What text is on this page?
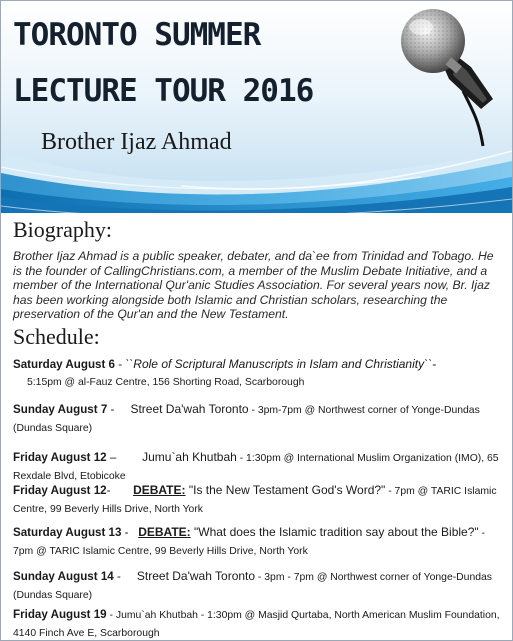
TORONTO SUMMER
LECTURE TOUR 2016
Brother Ijaz Ahmad
Biography:
Brother Ijaz Ahmad is a public speaker, debater, and da`ee from Trinidad and Tobago. He is the founder of CallingChristians.com, a member of the Muslim Debate Initiative, and a member of the International Qur'anic Studies Association. For several years now, Br. Ijaz has been working alongside both Islamic and Christian scholars, researching the preservation of the Qur'an and the New Testament.
Schedule:
Saturday August 6 - ``Role of Scriptural Manuscripts in Islam and Christianity``-
5:15pm @ al-Fauz Centre, 156 Shorting Road, Scarborough
Sunday August 7 -     Street Da'wah Toronto - 3pm-7pm @ Northwest corner of Yonge-Dundas (Dundas Square)
Friday August 12 –        Jumu`ah Khutbah - 1:30pm @ International Muslim Organization (IMO), 65 Rexdale Blvd, Etobicoke
Friday August 12-       DEBATE: "Is the New Testament God's Word?" - 7pm @ TARIC Islamic Centre, 99 Beverly Hills Drive, North York
Saturday August 13 -   DEBATE: "What does the Islamic tradition say about the Bible?" - 7pm @ TARIC Islamic Centre, 99 Beverly Hills Drive, North York
Sunday August 14 -     Street Da'wah Toronto - 3pm - 7pm @ Northwest corner of Yonge-Dundas (Dundas Square)
Friday August 19 - Jumu`ah Khutbah - 1:30pm @ Masjid Qurtaba, North American Muslim Foundation, 4140 Finch Ave E, Scarborough
